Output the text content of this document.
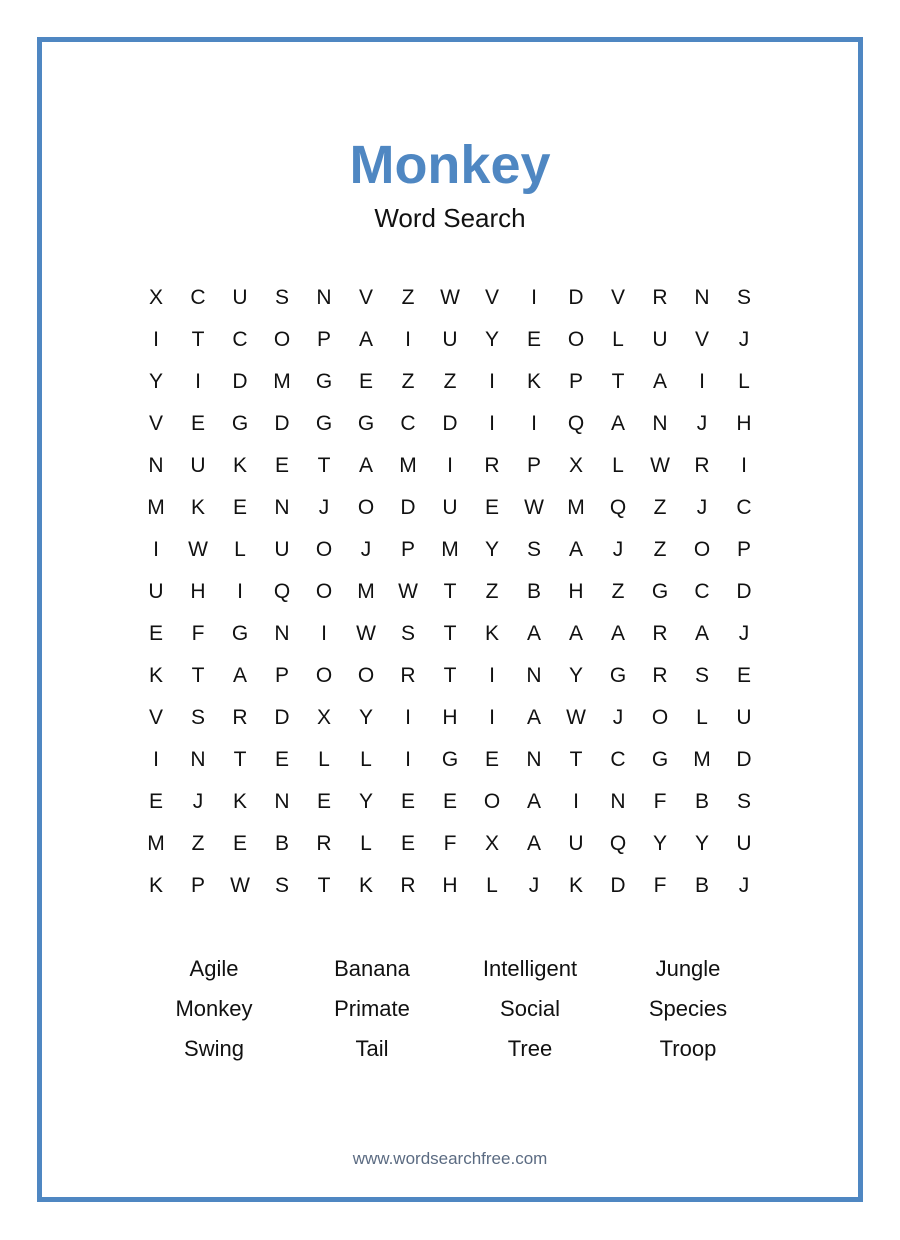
Monkey
Word Search
X	C	U	S	N	V	Z	W	V	I	D	V	R	N	S
I	T	C	O	P	A	I	U	Y	E	O	L	U	V	J
Y	I	D	M	G	E	Z	Z	I	K	P	T	A	I	L
V	E	G	D	G	G	C	D	I	I	Q	A	N	J	H
N	U	K	E	T	A	M	I	R	P	X	L	W	R	I
M	K	E	N	J	O	D	U	E	W	M	Q	Z	J	C
I	W	L	U	O	J	P	M	Y	S	A	J	Z	O	P
U	H	I	Q	O	M	W	T	Z	B	H	Z	G	C	D
E	F	G	N	I	W	S	T	K	A	A	A	R	A	J
K	T	A	P	O	O	R	T	I	N	Y	G	R	S	E
V	S	R	D	X	Y	I	H	I	A	W	J	O	L	U
I	N	T	E	L	L	I	G	E	N	T	C	G	M	D
E	J	K	N	E	Y	E	E	O	A	I	N	F	B	S
M	Z	E	B	R	L	E	F	X	A	U	Q	Y	Y	U
K	P	W	S	T	K	R	H	L	J	K	D	F	B	J
Agile	Banana	Intelligent	Jungle
Monkey	Primate	Social	Species
Swing	Tail	Tree	Troop
www.wordsearchfree.com
